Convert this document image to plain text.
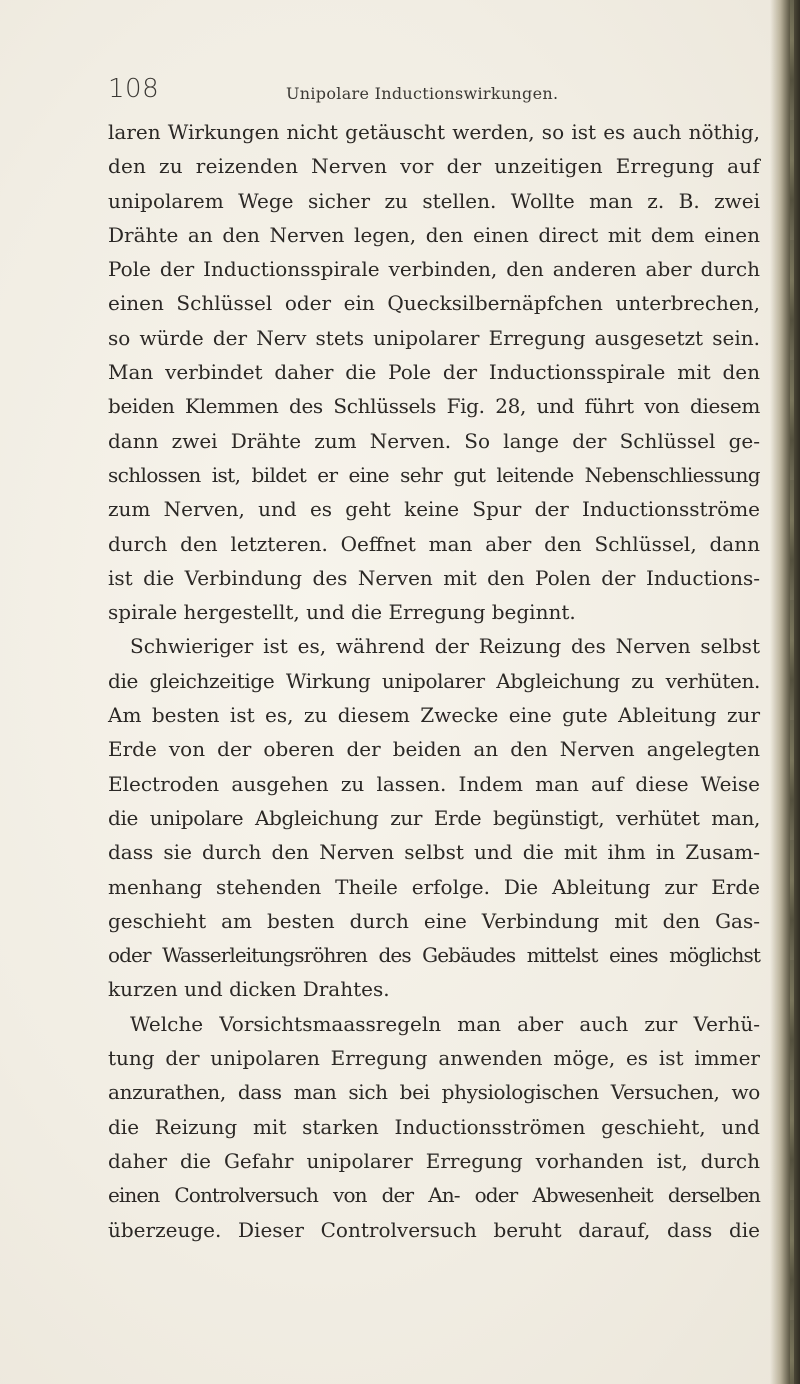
108	Unipolare Inductionswirkungen.
laren Wirkungen nicht getäuscht werden, so ist es auch nöthig,
den zu reizenden Nerven vor der unzeitigen Erregung auf
unipolarem Wege sicher zu stellen. Wollte man z. B. zwei
Drähte an den Nerven legen, den einen direct mit dem einen
Pole der Inductionsspirale verbinden, den anderen aber durch
einen Schlüssel oder ein Quecksilbernäpfchen unterbrechen,
so würde der Nerv stets unipolarer Erregung ausgesetzt sein.
Man verbindet daher die Pole der Inductionsspirale mit den
beiden Klemmen des Schlüssels Fig. 28, und führt von diesem
dann zwei Drähte zum Nerven. So lange der Schlüssel ge-
schlossen ist, bildet er eine sehr gut leitende Nebenschliessung
zum Nerven, und es geht keine Spur der Inductionsströme
durch den letzteren. Oeffnet man aber den Schlüssel, dann
ist die Verbindung des Nerven mit den Polen der Inductions-
spirale hergestellt, und die Erregung beginnt.
Schwieriger ist es, während der Reizung des Nerven selbst
die gleichzeitige Wirkung unipolarer Abgleichung zu verhüten.
Am besten ist es, zu diesem Zwecke eine gute Ableitung zur
Erde von der oberen der beiden an den Nerven angelegten
Electroden ausgehen zu lassen. Indem man auf diese Weise
die unipolare Abgleichung zur Erde begünstigt, verhütet man,
dass sie durch den Nerven selbst und die mit ihm in Zusam-
menhang stehenden Theile erfolge. Die Ableitung zur Erde
geschieht am besten durch eine Verbindung mit den Gas-
oder Wasserleitungsröhren des Gebäudes mittelst eines möglichst
kurzen und dicken Drahtes.
Welche Vorsichtsmaassregeln man aber auch zur Verhü-
tung der unipolaren Erregung anwenden möge, es ist immer
anzurathen, dass man sich bei physiologischen Versuchen, wo
die Reizung mit starken Inductionsströmen geschieht, und
daher die Gefahr unipolarer Erregung vorhanden ist, durch
einen Controlversuch von der An- oder Abwesenheit derselben
überzeuge. Dieser Controlversuch beruht darauf, dass die
